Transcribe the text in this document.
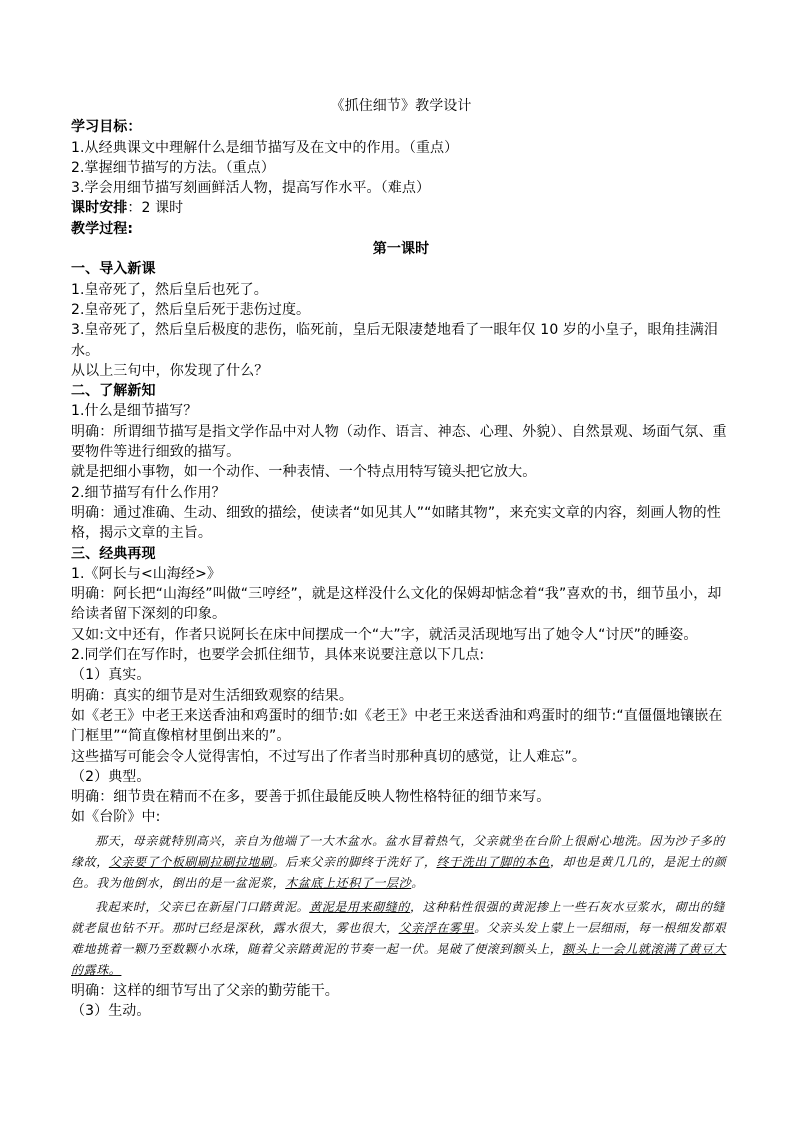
《抓住细节》教学设计
学习目标：

1.从经典课文中理解什么是细节描写及在文中的作用。（重点）

2.掌握细节描写的方法。（重点）

3.学会用细节描写刻画鲜活人物，提高写作水平。（难点）

课时安排：2 课时

教学过程:
第一课时
一、导入新课

1.皇帝死了，然后皇后也死了。

2.皇帝死了，然后皇后死于悲伤过度。

3.皇帝死了，然后皇后极度的悲伤，临死前，皇后无限凄楚地看了一眼年仅 10 岁的小皇子，眼角挂满泪水。

从以上三句中，你发现了什么？

二、了解新知

1.什么是细节描写？

明确：所谓细节描写是指文学作品中对人物（动作、语言、神态、心理、外貌）、自然景观、场面气氛、重要物件等进行细致的描写。

就是把细小事物，如一个动作、一种表情、一个特点用特写镜头把它放大。

2.细节描写有什么作用？

明确：通过准确、生动、细致的描绘，使读者“如见其人”“如睹其物”，来充实文章的内容，刻画人物的性格，揭示文章的主旨。

三、经典再现

1.《阿长与<山海经>》

明确：阿长把“山海经”叫做“三哼经”，就是这样没什么文化的保姆却惦念着“我”喜欢的书，细节虽小，却给读者留下深刻的印象。

又如:文中还有，作者只说阿长在床中间摆成一个“大”字，就活灵活现地写出了她令人“讨厌”的睡姿。

2.同学们在写作时，也要学会抓住细节，具体来说要注意以下几点:

（1）真实。

明确：真实的细节是对生活细致观察的结果。

如《老王》中老王来送香油和鸡蛋时的细节:如《老王》中老王来送香油和鸡蛋时的细节:“直僵僵地镶嵌在门框里”“简直像棺材里倒出来的”。

这些描写可能会令人觉得害怕，不过写出了作者当时那种真切的感觉，让人难忘”。

（2）典型。

明确：细节贵在精而不在多，要善于抓住最能反映人物性格特征的细节来写。

如《台阶》中:

那天，母亲就特别高兴，亲自为他端了一大木盆水。盆水冒着热气，父亲就坐在台阶上很耐心地洗。因为沙子多的缘故，父亲要了个板刷刷拉刷拉地刷。后来父亲的脚终于洗好了，终于洗出了脚的本色，却也是黄几几的，是泥土的颜色。我为他倒水，倒出的是一盆泥浆，木盆底上还积了一层沙。

我起来时，父亲已在新屋门口踏黄泥。黄泥是用来砌缝的，这种粘性很强的黄泥掺上一些石灰水豆浆水，砌出的缝就老鼠也钻不开。那时已经是深秋，露水很大，雾也很大，父亲浮在雾里。父亲头发上蒙上一层细雨，每一根细发都艰难地挑着一颗乃至数颗小水珠，随着父亲踏黄泥的节奏一起一伏。晃破了便滚到额头上，额头上一会儿就滚满了黄豆大的露珠。

明确：这样的细节写出了父亲的勤劳能干。

（3）生动。
